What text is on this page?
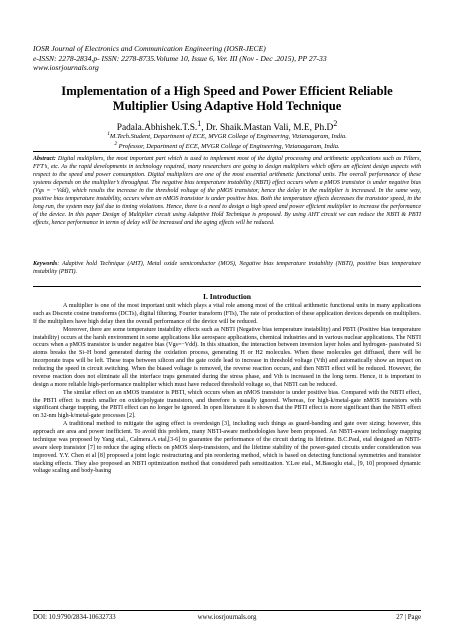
IOSR Journal of Electronics and Communication Engineering (IOSR-JECE)
e-ISSN: 2278-2834,p- ISSN: 2278-8735.Volume 10, Issue 6, Ver. III (Nov - Dec .2015), PP 27-33
www.iosrjournals.org
Implementation of a High Speed and Power Efficient Reliable Multiplier Using Adaptive Hold Technique
Padala.Abhishek.T.S.$^1$, Dr. Shaik.Mastan Vali, M.E, $Ph.D^2$
$^1$M.Tech.Student, Department of ECE, MVGR College of Engineering, Vizianagaram, India.
$^2$ Professor, Department of ECE, MVGR College of Engineering, Vizianagaram, India.
Abstract: Digital multipliers, the most important part which is used to implement most of the digital processing and arithmetic applications such as Filters, FFT’s, etc. As the rapid developments in technology required, many researchers are going to design multipliers which offers an efficient design aspects with respect to the speed and power consumption. Digital multipliers are one of the most essential arithmetic functional units. The overall performance of these systems depends on the multiplier’s throughput. The negative bias temperature instability (NBTI) effect occurs when a pMOS transistor is under negative bias (Vgs = −Vdd), which results the increase in the threshold voltage of the pMOS transistor, hence the delay in the multiplier is increased. In the same way, positive bias temperature instability, occurs when an nMOS transistor is under positive bias. Both the temperature effects decreases the transistor speed, in the long run, the system may fail due to timing violations. Hence, there is a need to design a high speed and power efficient multiplier to increase the performance of the device. In this paper Design of Multiplier circuit using Adaptive Hold Technique is proposed. By using AHT circuit we can reduce the NBTI & PBTI effects, hence performance in terms of delay will be increased and the aging effects will be reduced.
Keywords: Adaptive hold Technique (AHT), Metal oxide semiconductor (MOS), Negative bias temperature instability (NBTI), positive bias temperature instability (PBTI).
I. Introduction

A multiplier is one of the most important unit which plays a vital role among most of the critical arithmetic functional units in many applications such as Discrete cosine transforms (DCTs), digital filtering, Fourier transform (FTs), The rate of production of these application devices depends on multipliers. If the multipliers have high delay then the overall performance of the device will be reduced.

Moreover, there are some temperature instability effects such as NBTI (Negative bias temperature instability) and PBTI (Positive bias temperature instability) occurs at the harsh environment in some applications like aerospace applications, chemical industries and in various nuclear applications. The NBTI occurs when a pMOS transistor is under negative bias (Vgs=−Vdd). In this situation, the interaction between inversion layer holes and hydrogen- passivated Si atoms breaks the Si–H bond generated during the oxidation process, generating H or H2 molecules. When these molecules get diffused, there will be incorporate traps will be left. These traps between silicon and the gate oxide lead to increase in threshold voltage (Vth) and automatically show an impact on reducing the speed in circuit switching. When the biased voltage is removed, the reverse reaction occurs, and then NBTI effect will be reduced. However, the reverse reaction does not eliminate all the interface traps generated during the stress phase, and Vth is increased in the long term. Hence, it is important to design a more reliable high-performance multiplier which must have reduced threshold voltage so, that NBTI can be reduced.

The similar effect on an nMOS transistor is PBTI, which occurs when an nMOS transistor is under positive bias. Compared with the NBTI effect, the PBTI effect is much smaller on oxide/polygate transistors, and therefore is usually ignored. Whereas, for high-k/metal-gate nMOS transistors with significant charge trapping, the PBTI effect can no longer be ignored. In open literature it is shown that the PBTI effect is more significant than the NBTI effect on 32-nm high-k/metal-gate processes [2].

A traditional method to mitigate the aging effect is overdesign [3], including such things as guard-banding and gate over sizing; however, this approach are area and power inefficient. To avoid this problem, many NBTI-aware methodologies have been proposed. An NBTI-aware technology mapping technique was proposed by Yang etal., Calmera.A etal,[3-6] to guarantee the performance of the circuit during its lifetime. B.C.Paul, etal designed an NBTI-aware sleep transistor [7] to reduce the aging effects on pMOS sleep-transistors, and the lifetime stability of the power-gated circuits under consideration was improved. Y.Y. Chen et al [8] proposed a joint logic restructuring and pin reordering method, which is based on detecting functional symmetries and transistor stacking effects. They also proposed an NBTI optimization method that considered path sensitization. Y.Lee etal., M.Basoglu etal., [9, 10] proposed dynamic voltage scaling and body-basing

DOI: 10.9790/2834-10632733	www.iosrjournals.org	27 | Page
